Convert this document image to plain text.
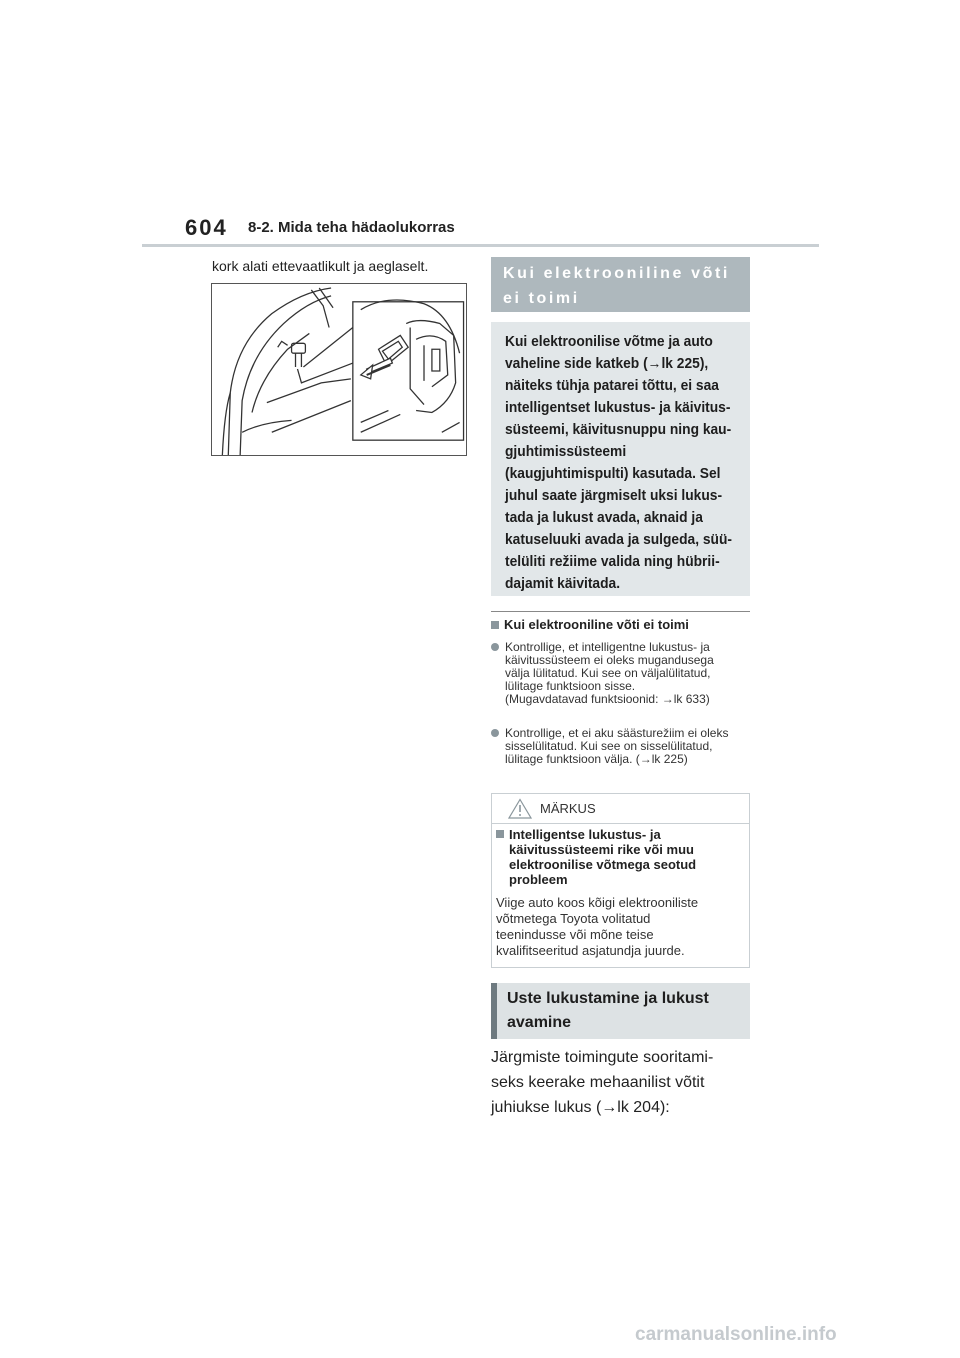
604 8-2. Mida teha hädaolukorras
kork alati ettevaatlikult ja aeglaselt.	Kui elektrooniline võti ei toimi
Kui elektroonilise võtme ja auto vaheline side katkeb (→lk 225), näiteks tühja patarei tõttu, ei saa intelligentset lukustus- ja käivitus-süsteemi, käivitusnuppu ning kau-gjuhtimissüsteemi (kaugjuhtimispulti) kasutada. Sel juhul saate järgmiselt uksi lukus-tada ja lukust avada, aknaid ja katuseluuki avada ja sulgeda, süü-telüliti režiime valida ning hübrii-dajamit käivitada.
Kui elektrooniline võti ei toimi
Kontrollige, et intelligentne lukustus- ja
käivitussüsteem ei oleks mugandusega
välja lülitatud. Kui see on väljalülitatud,
lülitage funktsioon sisse.
(Mugavdatavad funktsioonid: →lk 633)
Kontrollige, et ei aku säästurežiim ei oleks
sisselülitatud. Kui see on sisselülitatud,
lülitage funktsioon välja. (→lk 225)
MÄRKUS
Intelligentse lukustus- ja
käivitussüsteemi rike või muu
elektroonilise võtmega seotud
probleem
Viige auto koos kõigi elektrooniliste
võtmetega Toyota volitatud
teenindusse või mõne teise
kvalifitseeritud asjatundja juurde.
Uste lukustamine ja lukust avamine
Järgmiste toimingute sooritami-
seks keerake mehaanilist võtit
juhiukse lukus (→lk 204):
carmanualsonline.info
